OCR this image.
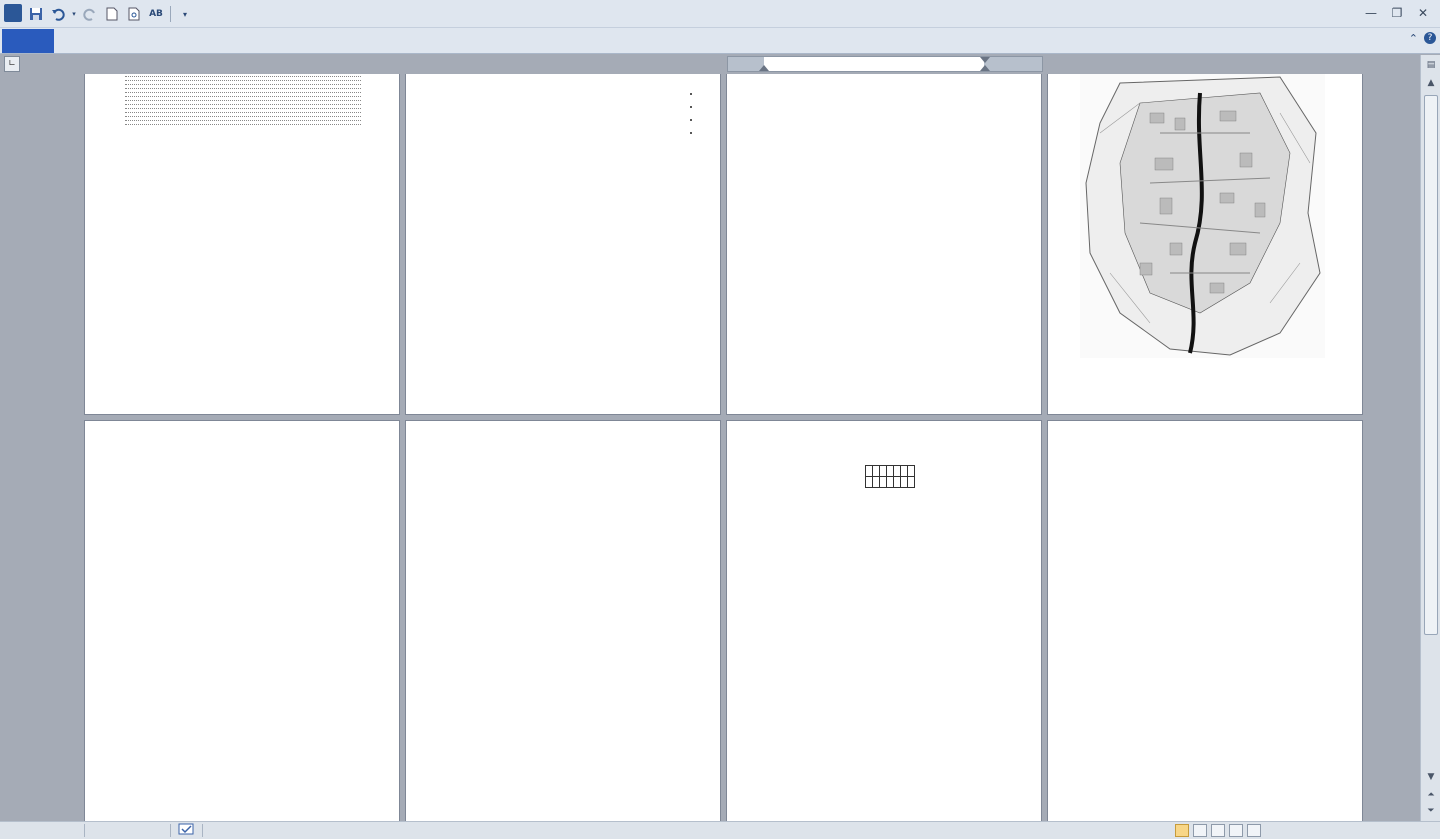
▾	AB	▾	—	❐	✕
⌃	?
∟
•
•
•
•

				▤
▲
▼
⏶
⏷
